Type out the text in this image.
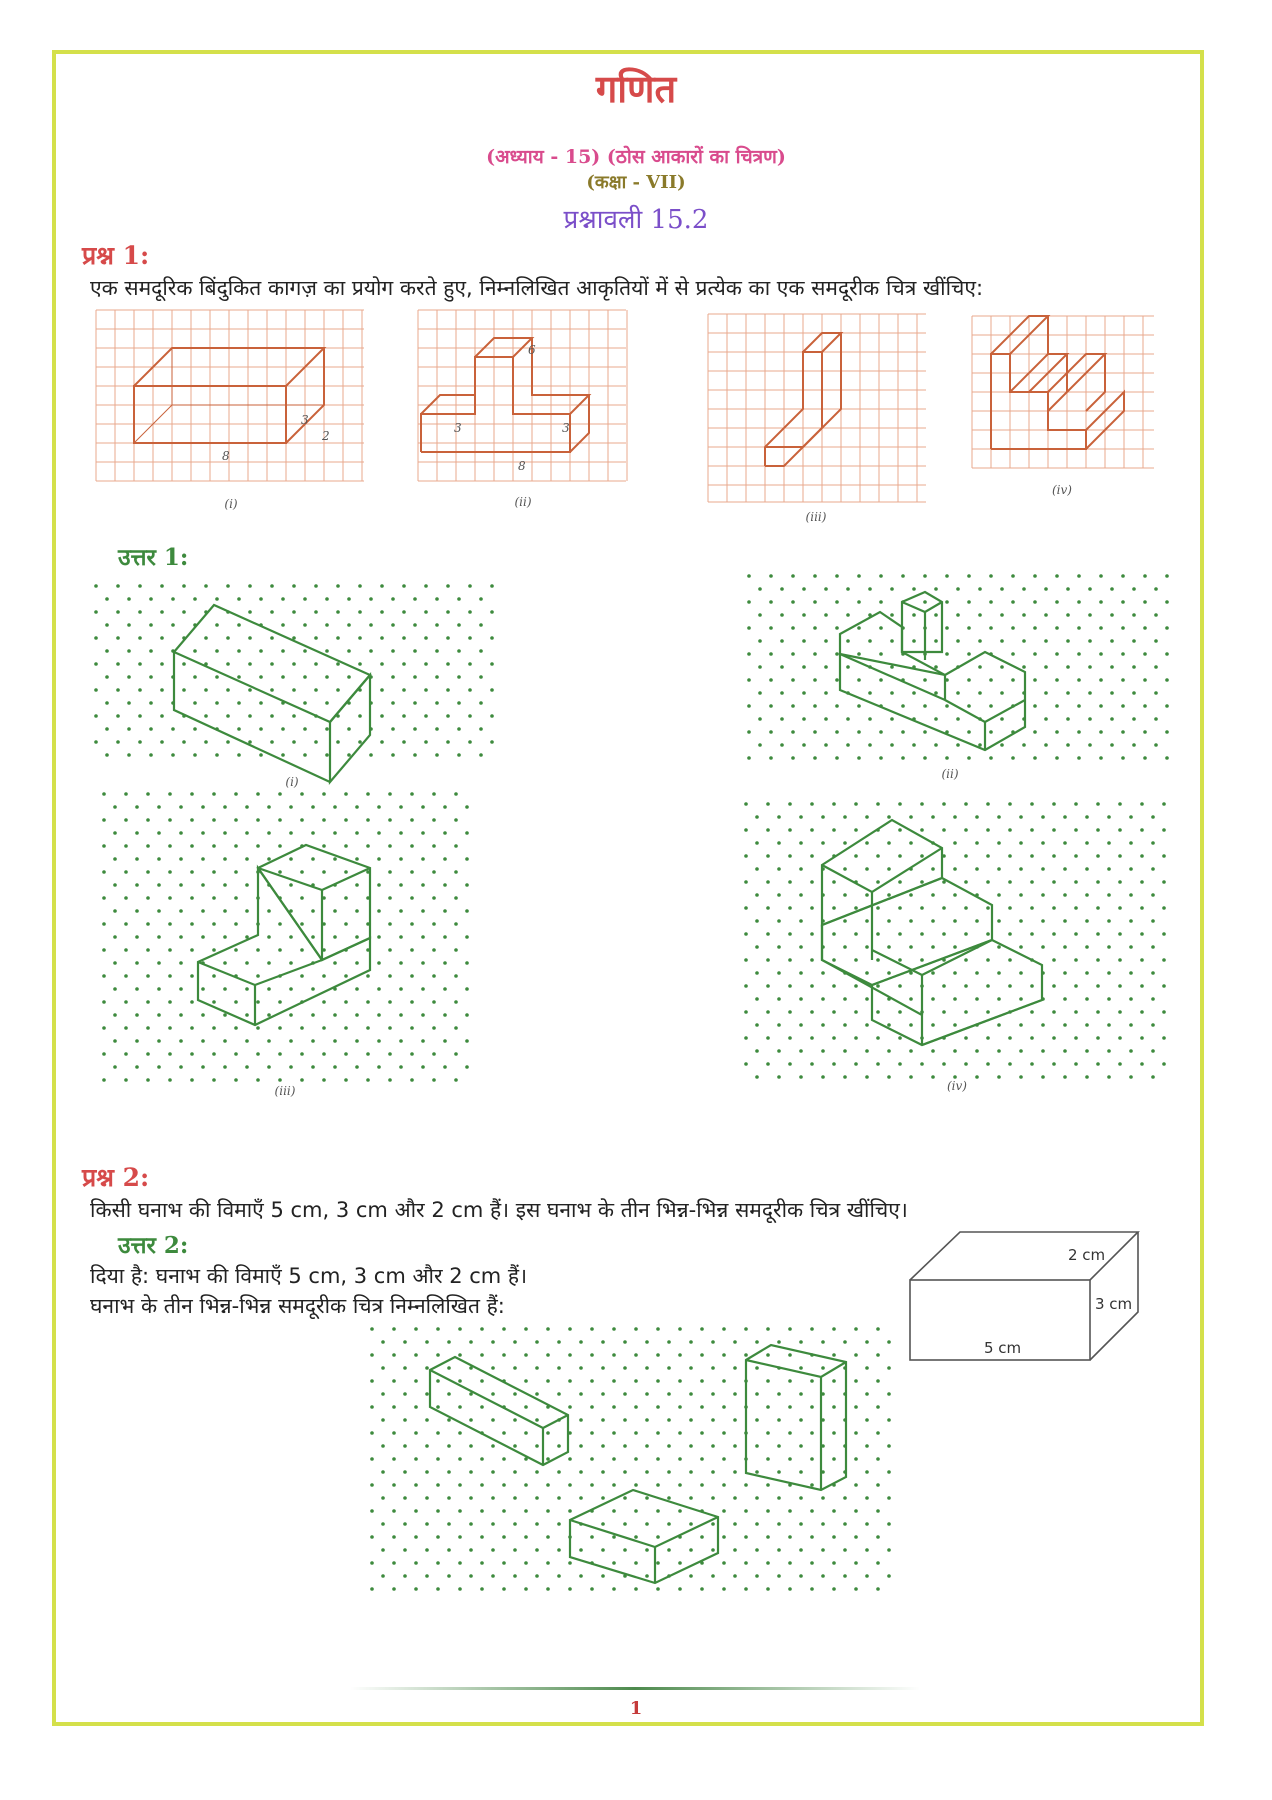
गणित
(अध्याय - 15) (ठोस आकारों का चित्रण)
(कक्षा - VII)
प्रश्नावली 15.2
प्रश्न 1:
एक समदूरिक बिंदुकित कागज़ का प्रयोग करते हुए, निम्नलिखित आकृतियों में से प्रत्येक का एक समदूरीक चित्र खींचिए:
3
2
8
(i)
6
3	3
8
(ii)
(iii)
(iv)
उत्तर 1:
(i)
(ii)
(iii)	(iv)
प्रश्न 2:
किसी घनाभ की विमाएँ 5 cm, 3 cm और 2 cm हैं। इस घनाभ के तीन भिन्न-भिन्न समदूरीक चित्र खींचिए।
उत्तर 2:
दिया है: घनाभ की विमाएँ 5 cm, 3 cm और 2 cm हैं।
घनाभ के तीन भिन्न-भिन्न समदूरीक चित्र निम्नलिखित हैं:
2 cm
3 cm
5 cm
1
